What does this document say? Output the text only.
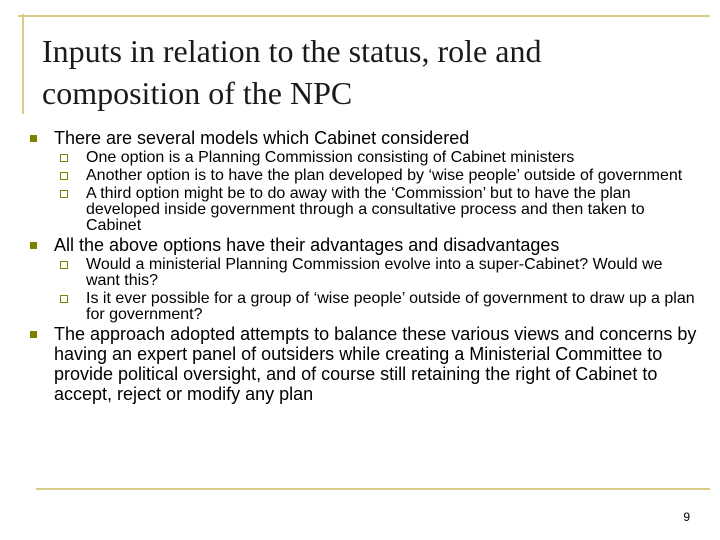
Inputs in relation to the status, role and
composition of the NPC
There are several models which Cabinet considered
One option is a Planning Commission consisting of Cabinet ministers
Another option is to have the plan developed by ‘wise people’ outside of government
A third option might be to do away with the ‘Commission’ but to have the plan developed inside government through a consultative process and then taken to Cabinet
All the above options have their advantages and disadvantages
Would a ministerial Planning Commission evolve into a super-Cabinet? Would we want this?
Is it ever possible for a group of ‘wise people’ outside of government to draw up a plan for government?
The approach adopted attempts to balance these various views and concerns by having an expert panel of outsiders while creating a Ministerial Committee to provide political oversight, and of course still retaining the right of Cabinet to accept, reject or modify any plan
9
